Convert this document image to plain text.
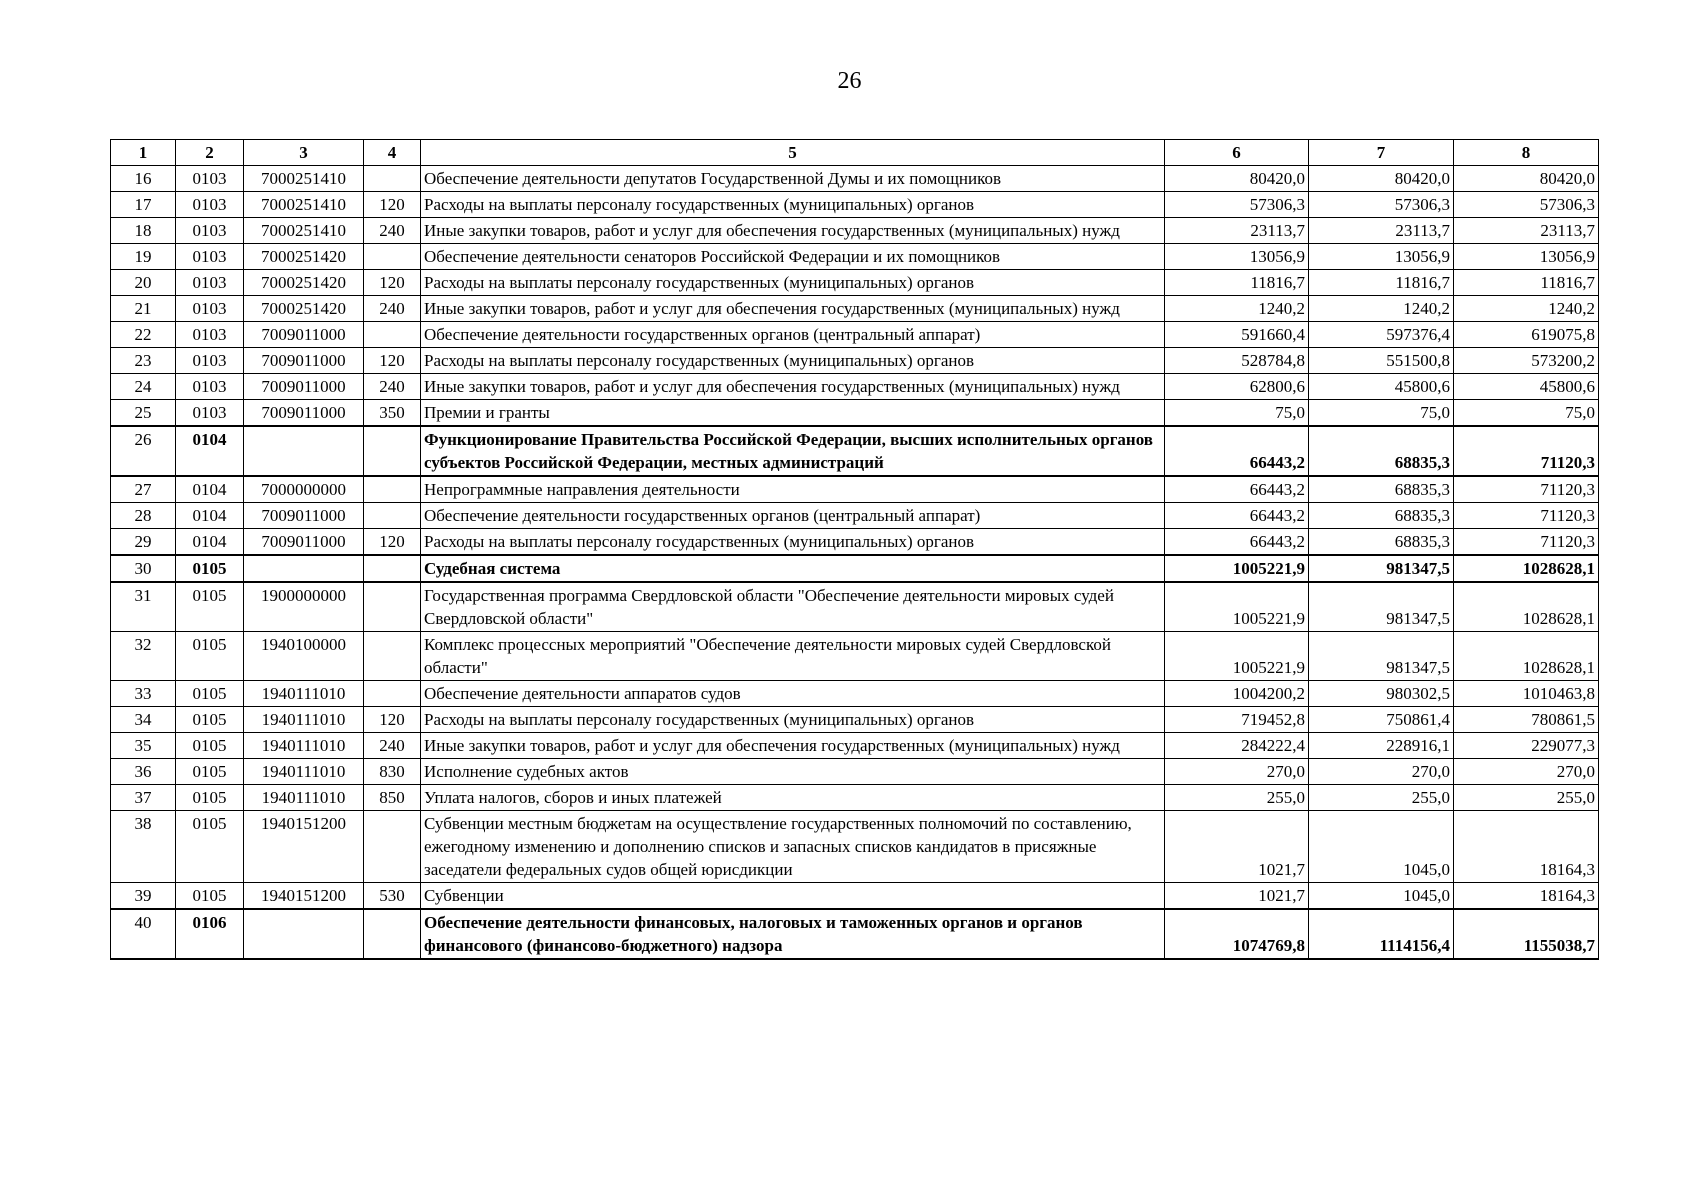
26
1	2	3	4	5	6	7	8
16	0103	7000251410		Обеспечение деятельности депутатов Государственной Думы и их помощников	80420,0	80420,0	80420,0
17	0103	7000251410	120	Расходы на выплаты персоналу государственных (муниципальных) органов	57306,3	57306,3	57306,3
18	0103	7000251410	240	Иные закупки товаров, работ и услуг для обеспечения государственных (муниципальных) нужд	23113,7	23113,7	23113,7
19	0103	7000251420		Обеспечение деятельности сенаторов Российской Федерации и их помощников	13056,9	13056,9	13056,9
20	0103	7000251420	120	Расходы на выплаты персоналу государственных (муниципальных) органов	11816,7	11816,7	11816,7
21	0103	7000251420	240	Иные закупки товаров, работ и услуг для обеспечения государственных (муниципальных) нужд	1240,2	1240,2	1240,2
22	0103	7009011000		Обеспечение деятельности государственных органов (центральный аппарат)	591660,4	597376,4	619075,8
23	0103	7009011000	120	Расходы на выплаты персоналу государственных (муниципальных) органов	528784,8	551500,8	573200,2
24	0103	7009011000	240	Иные закупки товаров, работ и услуг для обеспечения государственных (муниципальных) нужд	62800,6	45800,6	45800,6
25	0103	7009011000	350	Премии и гранты	75,0	75,0	75,0
26	0104			Функционирование Правительства Российской Федерации, высших исполнительных органов субъектов Российской Федерации, местных администраций	66443,2	68835,3	71120,3
27	0104	7000000000		Непрограммные направления деятельности	66443,2	68835,3	71120,3
28	0104	7009011000		Обеспечение деятельности государственных органов (центральный аппарат)	66443,2	68835,3	71120,3
29	0104	7009011000	120	Расходы на выплаты персоналу государственных (муниципальных) органов	66443,2	68835,3	71120,3
30	0105			Судебная система	1005221,9	981347,5	1028628,1
31	0105	1900000000		Государственная программа Свердловской области "Обеспечение деятельности мировых судей Свердловской области"	1005221,9	981347,5	1028628,1
32	0105	1940100000		Комплекс процессных мероприятий "Обеспечение деятельности мировых судей Свердловской области"	1005221,9	981347,5	1028628,1
33	0105	1940111010		Обеспечение деятельности аппаратов судов	1004200,2	980302,5	1010463,8
34	0105	1940111010	120	Расходы на выплаты персоналу государственных (муниципальных) органов	719452,8	750861,4	780861,5
35	0105	1940111010	240	Иные закупки товаров, работ и услуг для обеспечения государственных (муниципальных) нужд	284222,4	228916,1	229077,3
36	0105	1940111010	830	Исполнение судебных актов	270,0	270,0	270,0
37	0105	1940111010	850	Уплата налогов, сборов и иных платежей	255,0	255,0	255,0
38	0105	1940151200		Субвенции местным бюджетам на осуществление государственных полномочий по составлению, ежегодному изменению и дополнению списков и запасных списков кандидатов в присяжные заседатели федеральных судов общей юрисдикции	1021,7	1045,0	18164,3
39	0105	1940151200	530	Субвенции	1021,7	1045,0	18164,3
40	0106			Обеспечение деятельности финансовых, налоговых и таможенных органов и органов финансового (финансово-бюджетного) надзора	1074769,8	1114156,4	1155038,7
